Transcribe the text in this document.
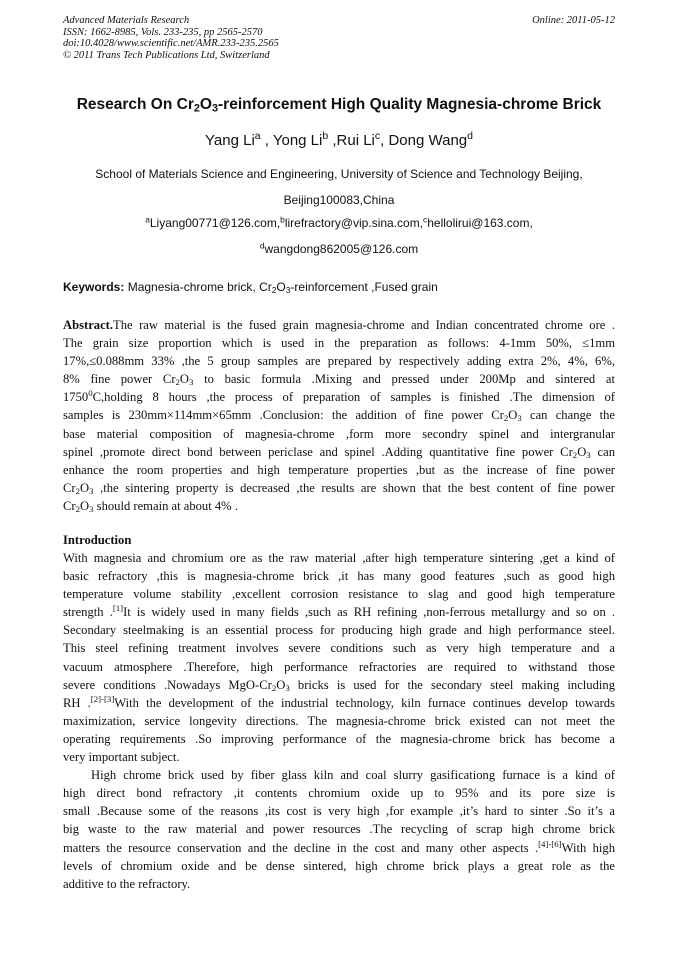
Advanced Materials Research
ISSN: 1662-8985, Vols. 233-235, pp 2565-2570
doi:10.4028/www.scientific.net/AMR.233-235.2565
© 2011 Trans Tech Publications Ltd, Switzerland
Online: 2011-05-12
Research On $Cr_2O_3$-reinforcement High Quality Magnesia-chrome Brick
Yang Li$^a$ , Yong Li$^b$ ,Rui Li$^c$, Dong Wang$^d$
School of Materials Science and Engineering, University of Science and Technology Beijing,
Beijing100083,China
$^a$Liyang00771@126.com,$^b$lirefractory@vip.sina.com,$^c$hellolirui@163.com,
$^d$wangdong862005@126.com
Keywords: Magnesia-chrome brick, $Cr_2O_3$-reinforcement ,Fused grain
Abstract.The raw material is the fused grain magnesia-chrome and Indian concentrated chrome ore .
The grain size proportion which is used in the preparation as follows: 4-1mm 50%, ≤1mm
17%,≤0.088mm 33% ,the 5 group samples are prepared by respectively adding extra 2%, 4%, 6%,
8% fine power $Cr_2O_3$ to basic formula .Mixing and pressed under 200Mp and sintered at
1750$^0$C,holding 8 hours ,the process of preparation of samples is finished .The dimension of
samples is 230mm×114mm×65mm .Conclusion: the addition of fine power $Cr_2O_3$ can change the
base material composition of magnesia-chrome ,form more secondry spinel and intergranular
spinel ,promote direct bond between periclase and spinel .Adding quantitative fine power $Cr_2O_3$ can
enhance the room properties and high temperature properties ,but as the increase of fine power
$Cr_2O_3$ ,the sintering property is decreased ,the results are shown that the best content of fine power
$Cr_2O_3$ should remain at about 4% .
Introduction
With magnesia and chromium ore as the raw material ,after high temperature sintering ,get a kind of
basic refractory ,this is magnesia-chrome brick ,it has many good features ,such as good high
temperature volume stability ,excellent corrosion resistance to slag and good high temperature
strength .[1]It is widely used in many fields ,such as RH refining ,non-ferrous metallurgy and so on .
Secondary steelmaking is an essential process for producing high grade and high performance steel.
This steel refining treatment involves severe conditions such as very high temperature and a
vacuum atmosphere .Therefore, high performance refractories are required to withstand those
severe conditions .Nowadays MgO-$Cr_2O_3$ bricks is used for the secondary steel making including
RH .[2]-[3]With the development of the industrial technology, kiln furnace continues develop towards
maximization, service longevity directions. The magnesia-chrome brick existed can not meet the
operating requirements .So improving performance of the magnesia-chrome brick has become a
very important subject.
High chrome brick used by fiber glass kiln and coal slurry gasificationg furnace is a kind of
high direct bond refractory ,it contents chromium oxide up to 95% and its pore size is
small .Because some of the reasons ,its cost is very high ,for example ,it’s hard to sinter .So it’s a
big waste to the raw material and power resources .The recycling of scrap high chrome brick
matters the resource conservation and the decline in the cost and many other aspects .[4]-[6]With high
levels of chromium oxide and be dense sintered, high chrome brick plays a great role as the
additive to the refractory.
